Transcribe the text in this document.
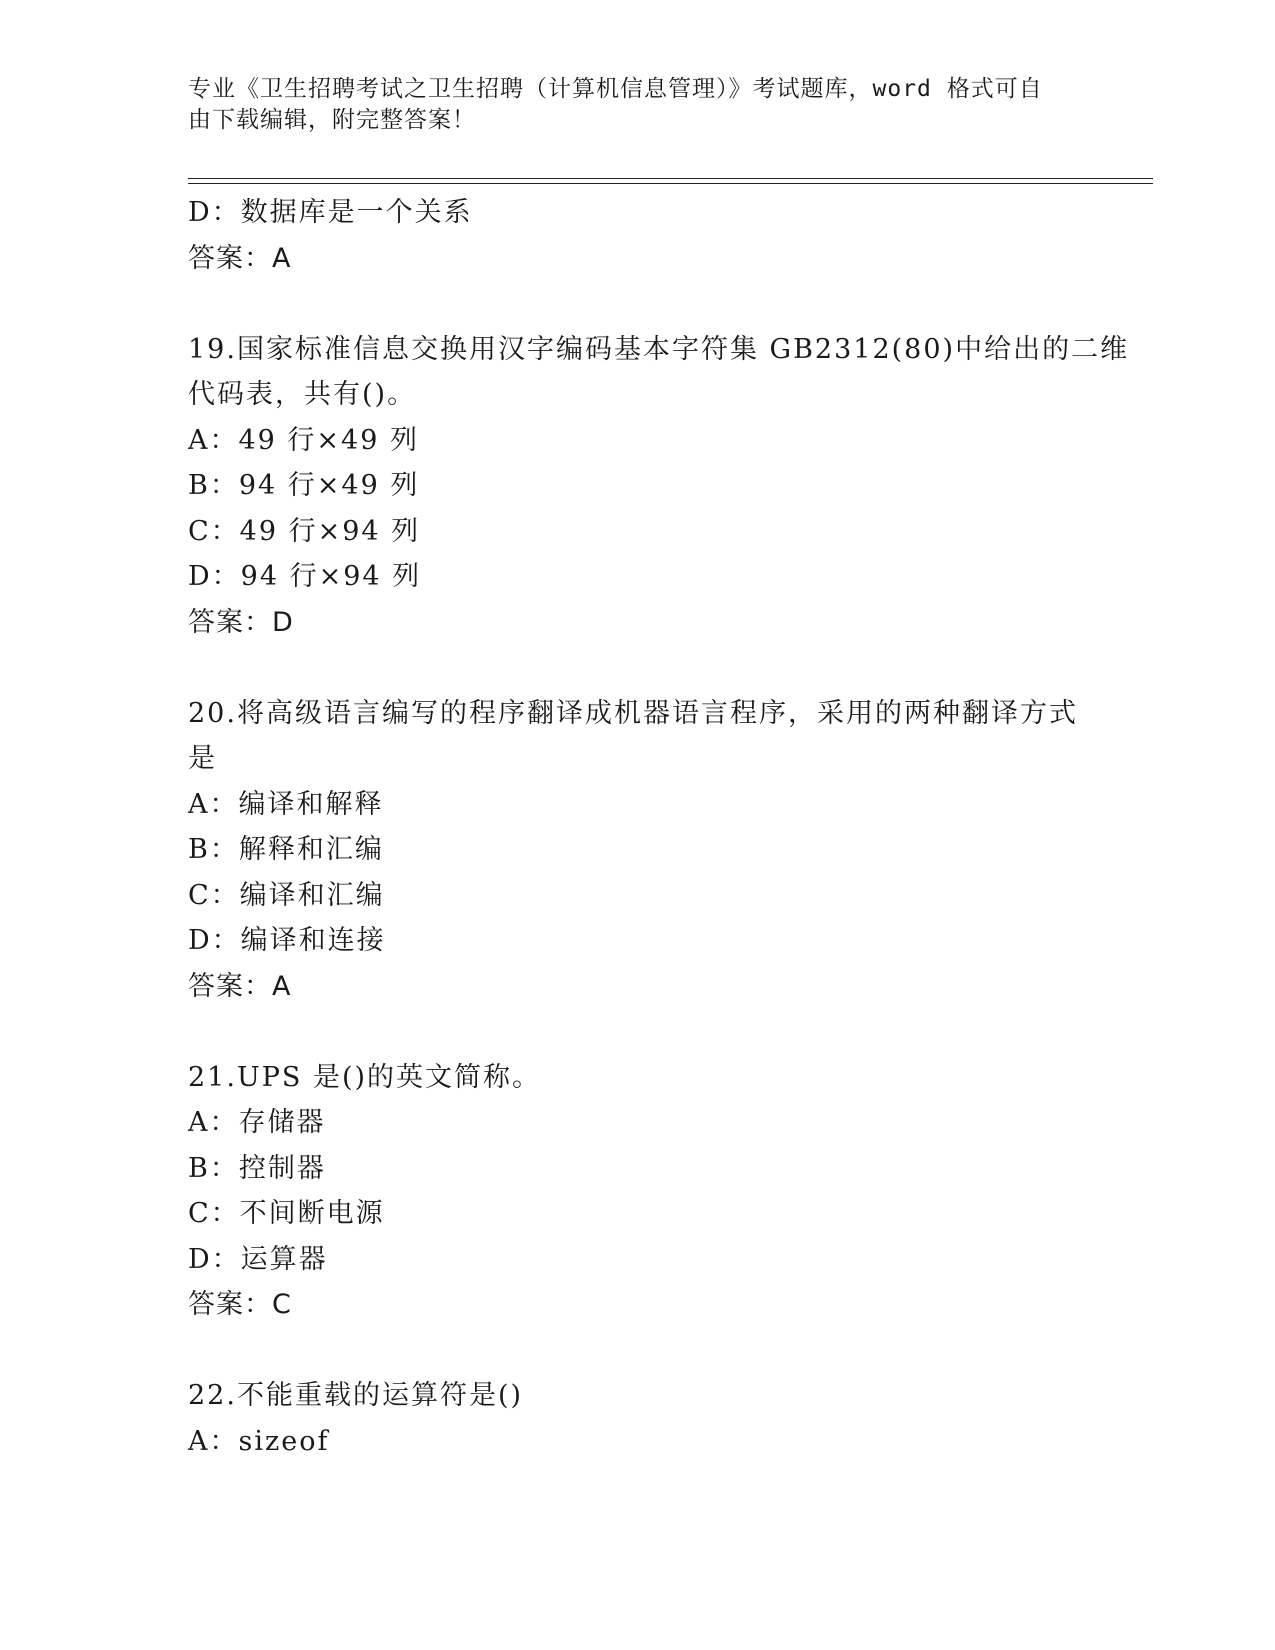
专业《卫生招聘考试之卫生招聘（计算机信息管理）》考试题库，word 格式可自
由下载编辑，附完整答案！
D：数据库是一个关系
答案：A
19.国家标准信息交换用汉字编码基本字符集 GB2312(80)中给出的二维
代码表，共有()。
A：49 行×49 列
B：94 行×49 列
C：49 行×94 列
D：94 行×94 列
答案：D
20.将高级语言编写的程序翻译成机器语言程序，采用的两种翻译方式
是
A：编译和解释
B：解释和汇编
C：编译和汇编
D：编译和连接
答案：A
21.UPS 是()的英文简称。
A：存储器
B：控制器
C：不间断电源
D：运算器
答案：C
22.不能重载的运算符是()
A：sizeof
